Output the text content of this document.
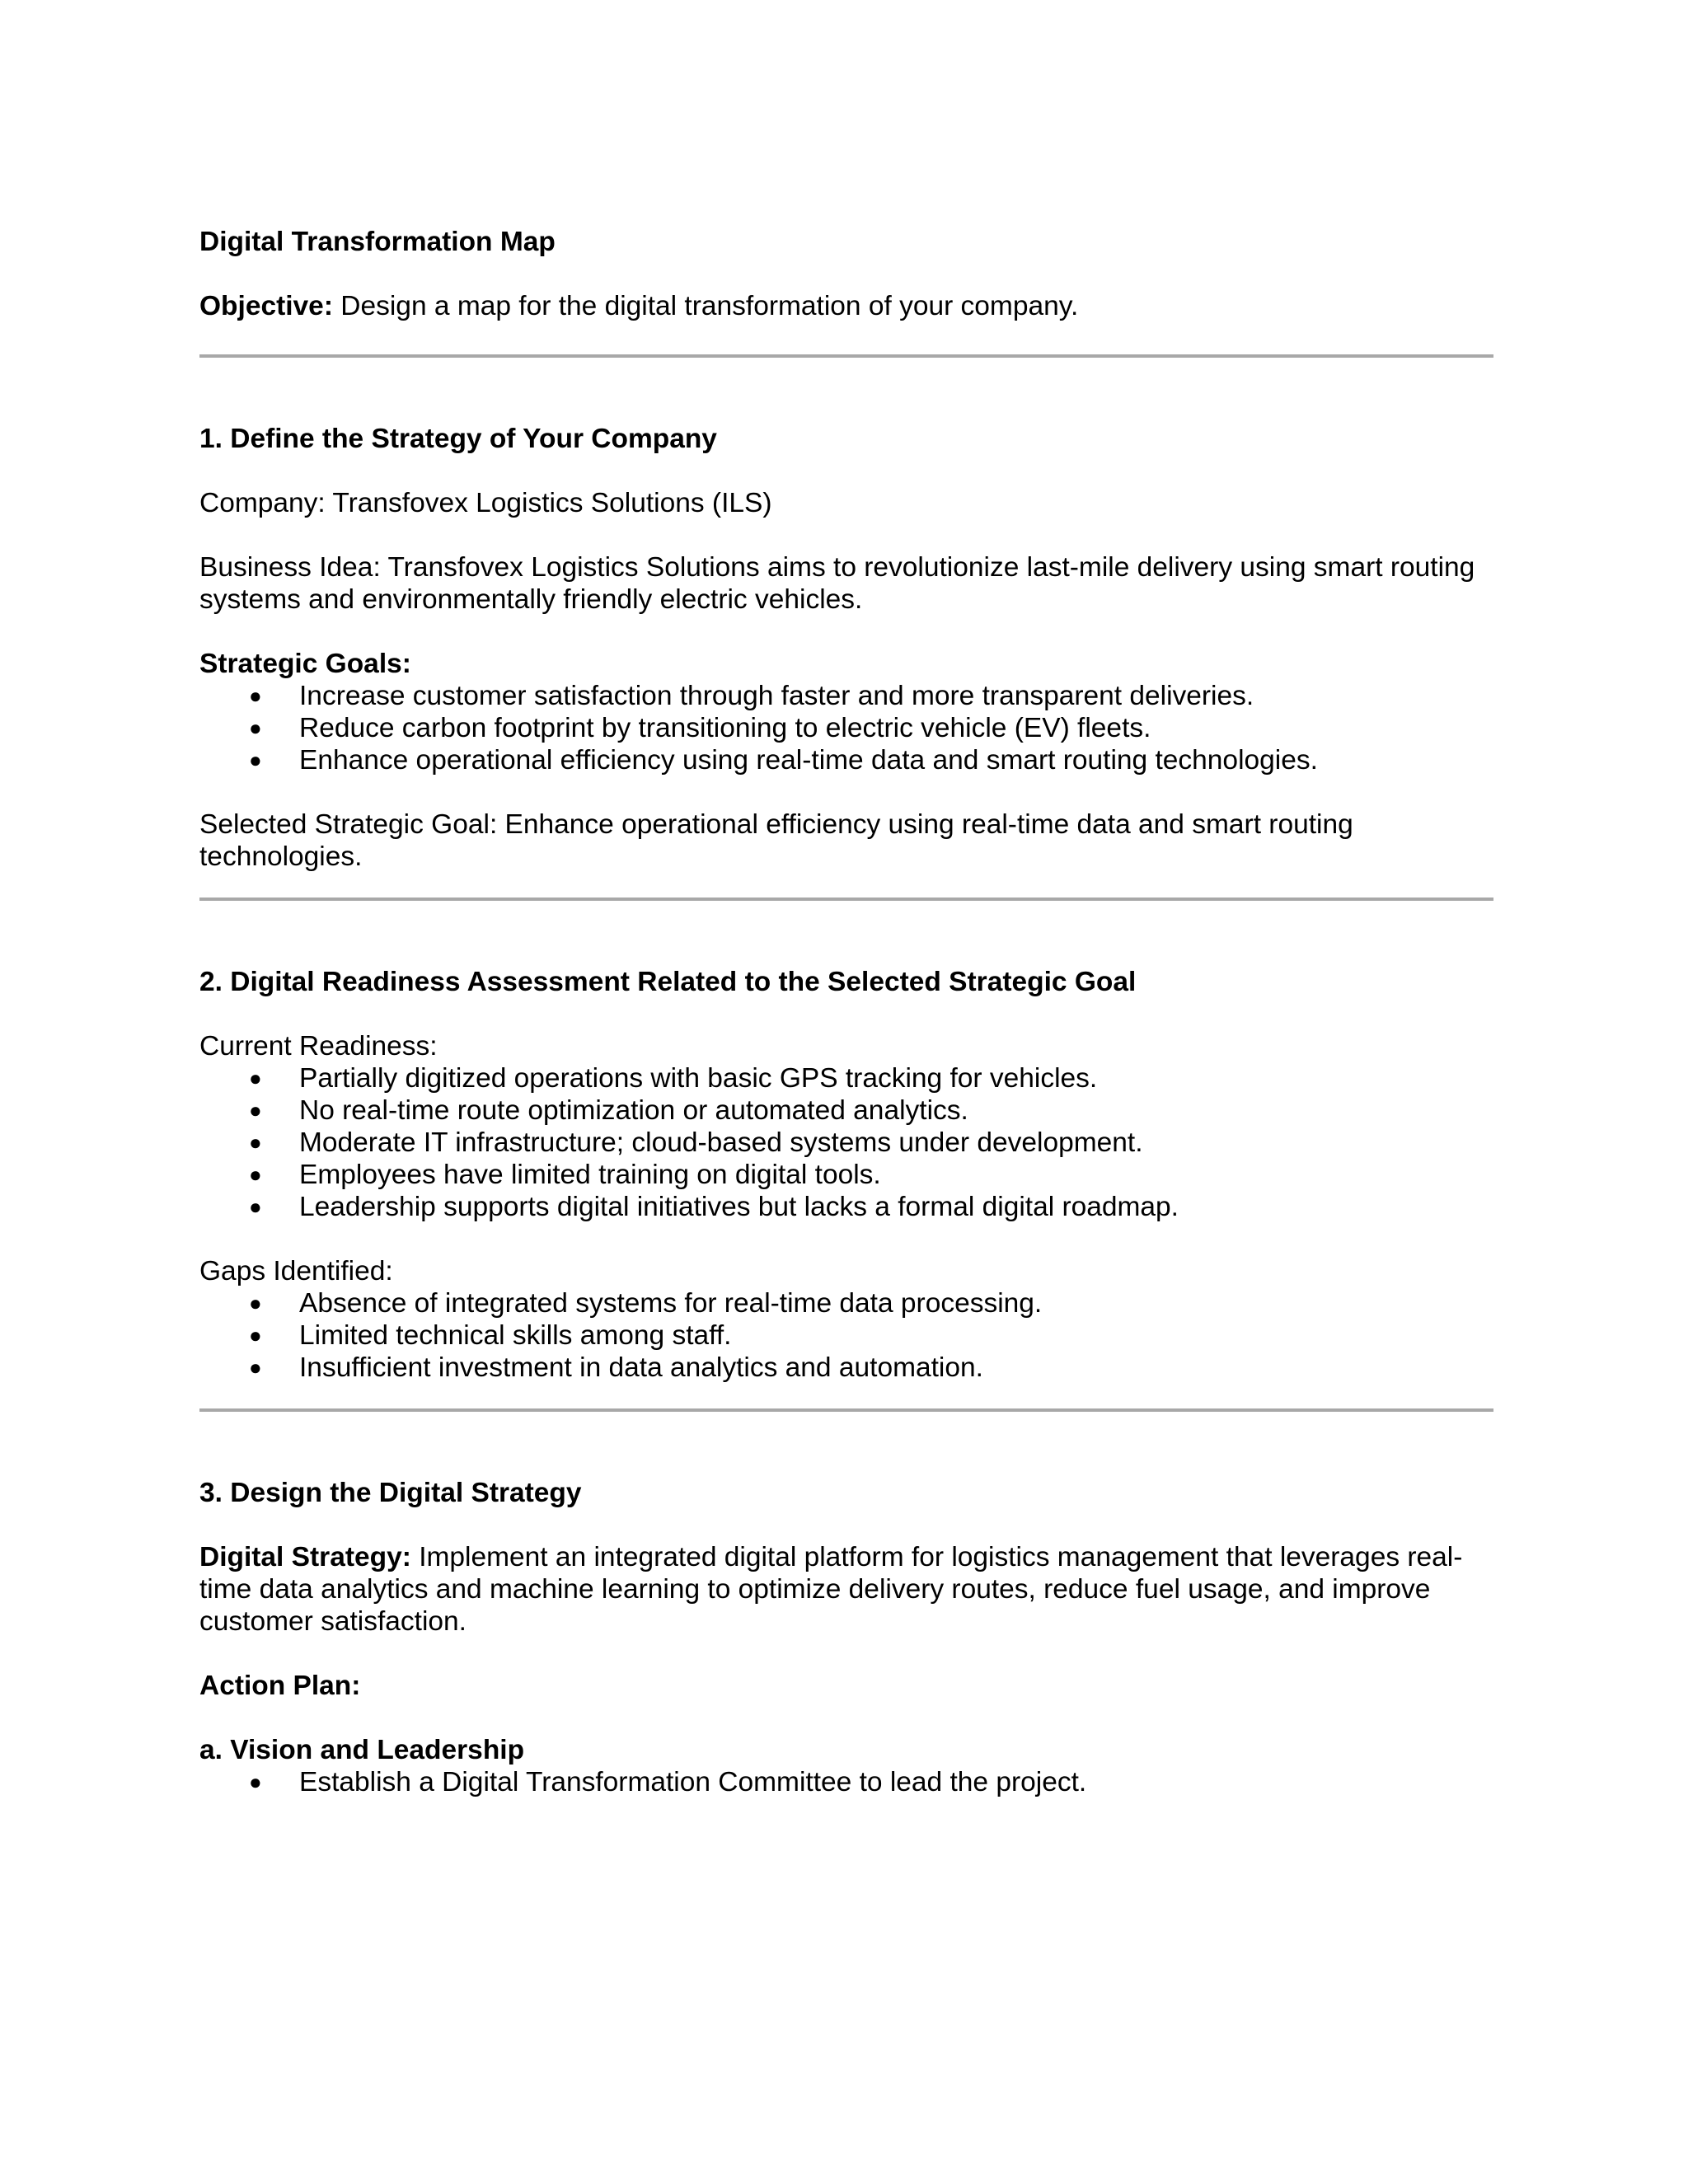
Digital Transformation Map

Objective: Design a map for the digital transformation of your company.

1. Define the Strategy of Your Company

Company: Transfovex Logistics Solutions (ILS)

Business Idea: Transfovex Logistics Solutions aims to revolutionize last-mile delivery using smart routing

systems and environmentally friendly electric vehicles.

Strategic Goals:

● Increase customer satisfaction through faster and more transparent deliveries.
● Reduce carbon footprint by transitioning to electric vehicle (EV) fleets.
● Enhance operational efficiency using real-time data and smart routing technologies.

Selected Strategic Goal: Enhance operational efficiency using real-time data and smart routing

technologies.

2. Digital Readiness Assessment Related to the Selected Strategic Goal

Current Readiness:

● Partially digitized operations with basic GPS tracking for vehicles.
● No real-time route optimization or automated analytics.
● Moderate IT infrastructure; cloud-based systems under development.
● Employees have limited training on digital tools.
● Leadership supports digital initiatives but lacks a formal digital roadmap.

Gaps Identified:

● Absence of integrated systems for real-time data processing.
● Limited technical skills among staff.
● Insufficient investment in data analytics and automation.

3. Design the Digital Strategy

Digital Strategy: Implement an integrated digital platform for logistics management that leverages real-

time data analytics and machine learning to optimize delivery routes, reduce fuel usage, and improve

customer satisfaction.

Action Plan:

a. Vision and Leadership

● Establish a Digital Transformation Committee to lead the project.
